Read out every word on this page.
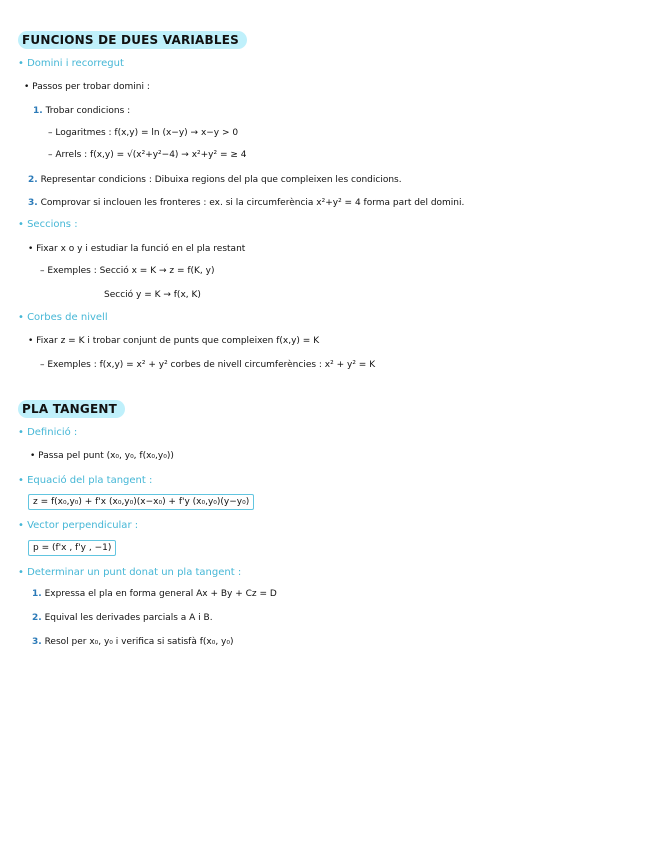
FUNCIONS DE DUES VARIABLES
• Domini i recorregut
• Passos per trobar domini :
1. Trobar condicions :
– Logaritmes : f(x,y) = ln (x−y) → x−y > 0
– Arrels : f(x,y) = √(x²+y²−4) → x²+y² = ≥ 4
2. Representar condicions : Dibuixa regions del pla que compleixen les condicions.
3. Comprovar si inclouen les fronteres : ex. si la circumferència x²+y² = 4 forma part del domini.
• Seccions :
• Fixar x o y i estudiar la funció en el pla restant
– Exemples : Secció x = K → z = f(K, y)
Secció y = K → f(x, K)
• Corbes de nivell
• Fixar z = K i trobar conjunt de punts que compleixen f(x,y) = K
– Exemples : f(x,y) = x² + y² corbes de nivell circumferències : x² + y² = K
PLA TANGENT
• Definició :
• Passa pel punt (x₀, y₀, f(x₀,y₀))
• Equació del pla tangent :
z = f(x₀,y₀) + f'x (x₀,y₀)(x−x₀) + f'y (x₀,y₀)(y−y₀)
• Vector perpendicular :
p = (f'x , f'y , −1)
• Determinar un punt donat un pla tangent :
1. Expressa el pla en forma general Ax + By + Cz = D
2. Equival les derivades parcials a A i B.
3. Resol per x₀, y₀ i verifica si satisfà f(x₀, y₀)
